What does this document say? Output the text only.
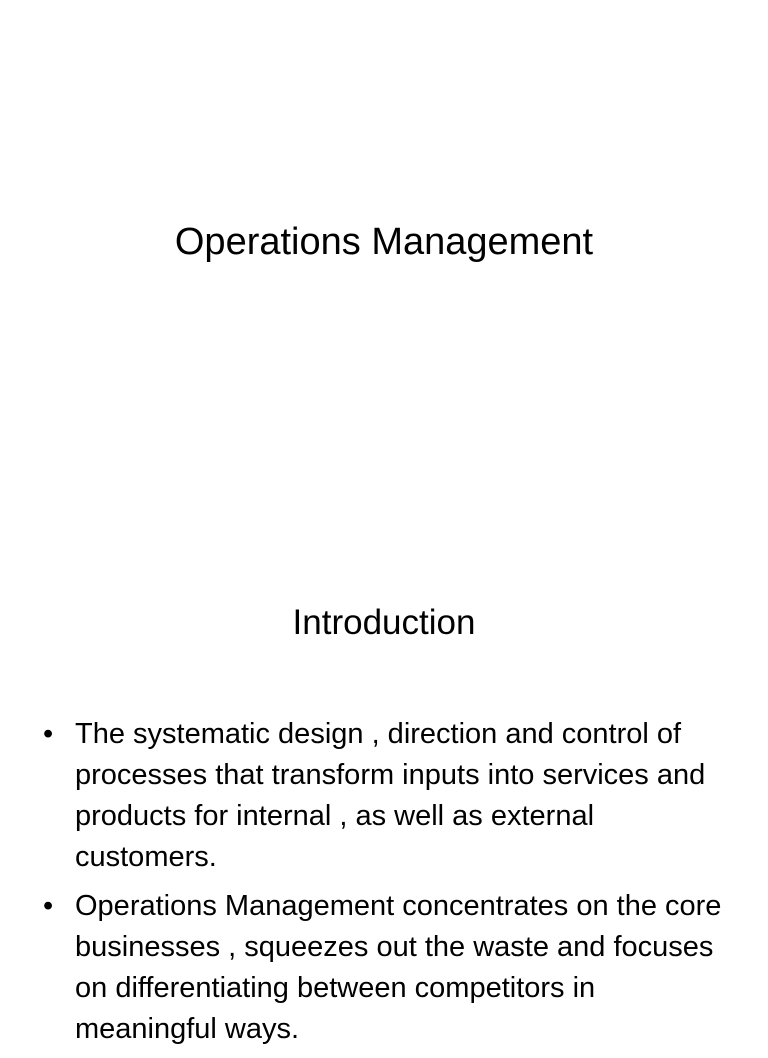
Operations Management
Introduction
• The systematic design , direction and control of processes that transform inputs into services and products for internal , as well as external customers.
• Operations Management concentrates on the core businesses , squeezes out the waste and focuses on differentiating between competitors in meaningful ways.
